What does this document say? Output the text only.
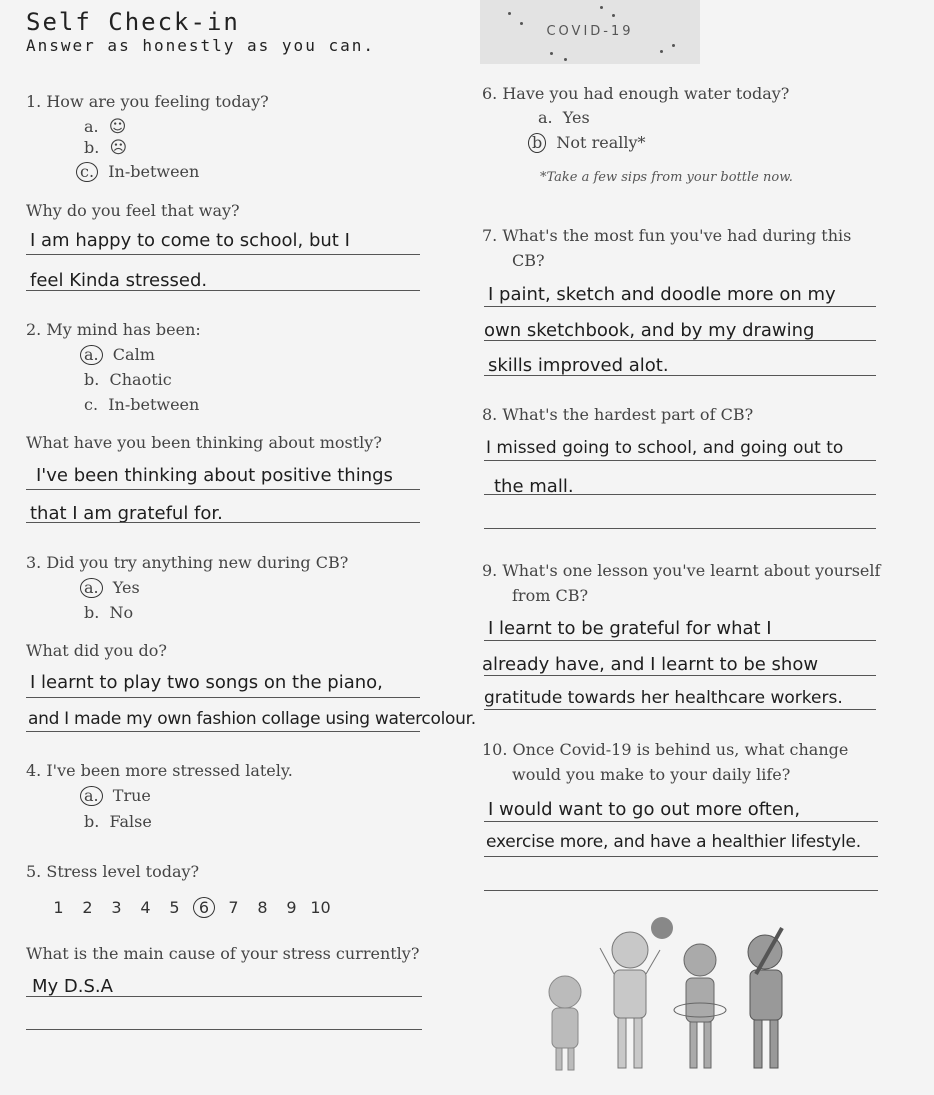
Self Check-in
Answer as honestly as you can.
COVID-19
1. How are you feeling today?
a. ☺
b. ☹
c. In-between
Why do you feel that way?
I am happy to come to school, but I
feel Kinda stressed.
2. My mind has been:
a. Calm
b. Chaotic
c. In-between
What have you been thinking about mostly?
I've been thinking about positive things
that I am grateful for.
3. Did you try anything new during CB?
a. Yes
b. No
What did you do?
I learnt to play two songs on the piano,
and I made my own fashion collage using watercolour.
4. I've been more stressed lately.
a. True
b. False
5. Stress level today?
1 2 3 4 5 6 7 8 9 10
What is the main cause of your stress currently?
My D.S.A
6. Have you had enough water today?
a. Yes
b Not really*
*Take a few sips from your bottle now.
7. What's the most fun you've had during this
CB?
I paint, sketch and doodle more on my
own sketchbook, and by my drawing
skills improved alot.
8. What's the hardest part of CB?
I missed going to school, and going out to
the mall.
9. What's one lesson you've learnt about yourself
from CB?
I learnt to be grateful for what I
already have, and I learnt to be show
gratitude towards her healthcare workers.
10. Once Covid-19 is behind us, what change
would you make to your daily life?
I would want to go out more often,
exercise more, and have a healthier lifestyle.
